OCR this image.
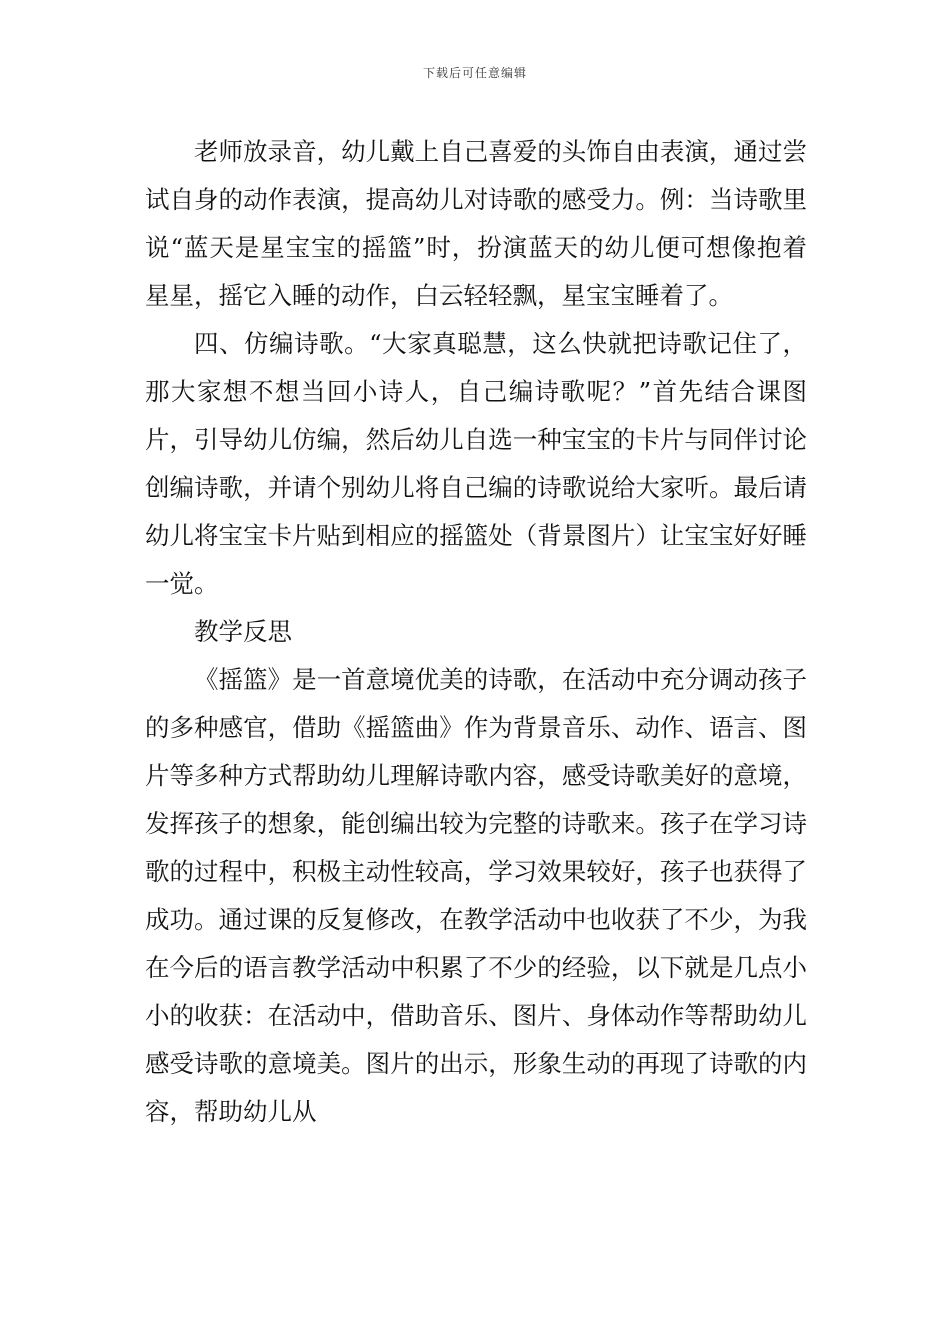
下载后可任意编辑

老师放录音，幼儿戴上自己喜爱的头饰自由表演，通过尝试自身的动作表演，提高幼儿对诗歌的感受力。例：当诗歌里说“蓝天是星宝宝的摇篮”时，扮演蓝天的幼儿便可想像抱着星星，摇它入睡的动作，白云轻轻飘，星宝宝睡着了。

四、仿编诗歌。“大家真聪慧，这么快就把诗歌记住了，那大家想不想当回小诗人，自己编诗歌呢？”首先结合课图片，引导幼儿仿编，然后幼儿自选一种宝宝的卡片与同伴讨论创编诗歌，并请个别幼儿将自己编的诗歌说给大家听。最后请幼儿将宝宝卡片贴到相应的摇篮处（背景图片）让宝宝好好睡一觉。

教学反思

《摇篮》是一首意境优美的诗歌，在活动中充分调动孩子的多种感官，借助《摇篮曲》作为背景音乐、动作、语言、图片等多种方式帮助幼儿理解诗歌内容，感受诗歌美好的意境，发挥孩子的想象，能创编出较为完整的诗歌来。孩子在学习诗歌的过程中，积极主动性较高，学习效果较好，孩子也获得了成功。通过课的反复修改，在教学活动中也收获了不少，为我在今后的语言教学活动中积累了不少的经验，以下就是几点小小的收获：在活动中，借助音乐、图片、身体动作等帮助幼儿感受诗歌的意境美。图片的出示，形象生动的再现了诗歌的内容，帮助幼儿从
